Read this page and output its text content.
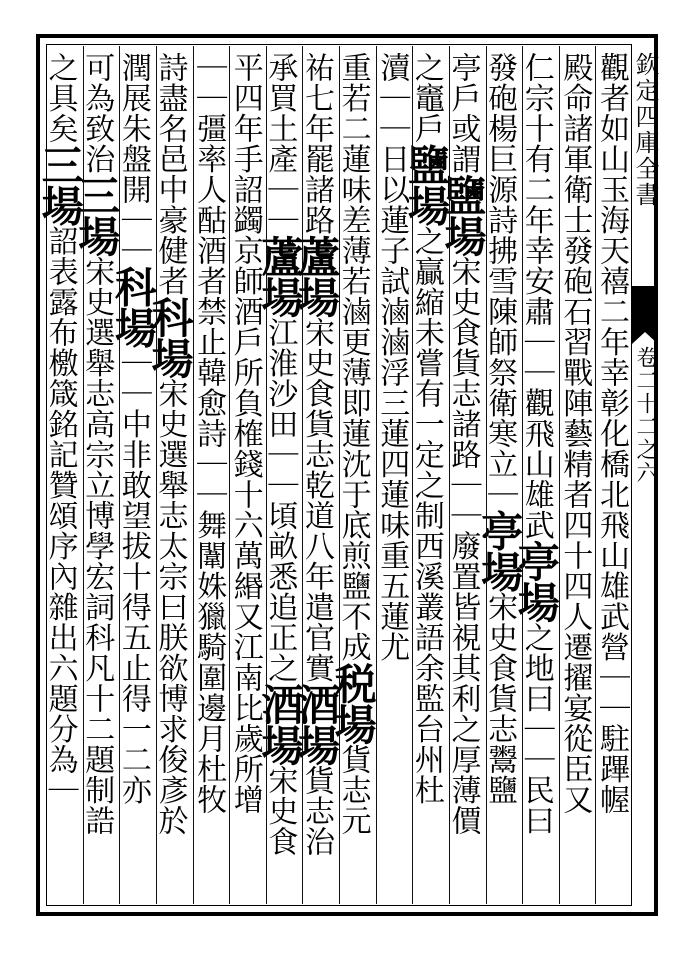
欽定四庫全書
卷二十二之六
觀者如山玉海天禧二年幸彰化橋北飛山雄武營｜｜駐蹕幄
殿命諸軍衛士發砲石習戰陣藝精者四十四人遷擢宴從臣又
仁宗十有二年幸安肅｜｜觀飛山雄武亭場之地曰｜｜民曰
發砲楊巨源詩拂雪陳師祭衛寒立｜亭場宋史食貨志鬻鹽
亭戶或謂鹽場宋史食貨志諸路｜｜廢置皆視其利之厚薄價
之竈戶鹽場之贏縮未嘗有一定之制西溪叢語余監台州杜
瀆｜｜日以蓮子試滷滷浮三蓮四蓮味重五蓮尤
重若二蓮味差薄若滷更薄即蓮沈于底煎鹽不成税場貨志元
祐七年罷諸路蘆場宋史食貨志乾道八年遣官實酒場貨志治
承買土產｜｜蘆場江淮沙田｜｜頃畝悉追正之酒場宋史食
平四年手詔蠲京師酒戶所負榷錢十六萬緡又江南比歲所增
｜｜彊率人酤酒者禁止韓愈詩｜｜舞闈姝獵騎圍邊月杜牧
詩盡名邑中豪健者科場宋史選舉志太宗曰朕欲博求俊彥於
潤展朱盤開｜｜科場｜｜中非敢望拔十得五止得一二亦
可為致治三場宋史選舉志高宗立博學宏詞科凡十二題制誥
之具矣三場詔表露布檄箴銘記贊頌序內雜出六題分為｜
